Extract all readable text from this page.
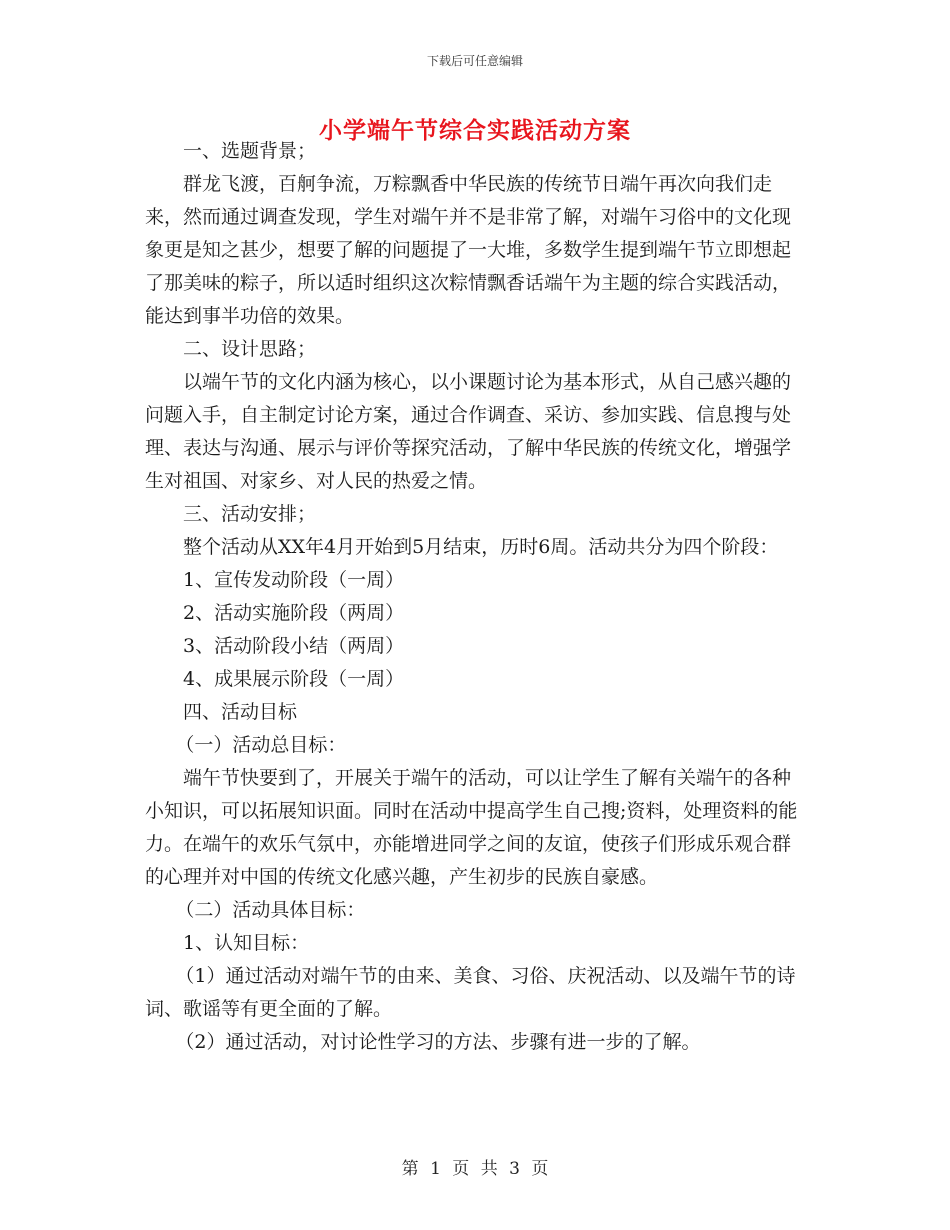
下载后可任意编辑
小学端午节综合实践活动方案

一、选题背景；

群龙飞渡，百舸争流，万粽飘香中华民族的传统节日端午再次向我们走来，然而通过调查发现，学生对端午并不是非常了解，对端午习俗中的文化现象更是知之甚少，想要了解的问题提了一大堆，多数学生提到端午节立即想起了那美味的粽子，所以适时组织这次粽情飘香话端午为主题的综合实践活动，能达到事半功倍的效果。

二、设计思路；

以端午节的文化内涵为核心，以小课题讨论为基本形式，从自己感兴趣的问题入手，自主制定讨论方案，通过合作调查、采访、参加实践、信息搜与处理、表达与沟通、展示与评价等探究活动，了解中华民族的传统文化，增强学生对祖国、对家乡、对人民的热爱之情。

三、活动安排；

整个活动从XX年4月开始到5月结束，历时6周。活动共分为四个阶段：

1、宣传发动阶段（一周）

2、活动实施阶段（两周）

3、活动阶段小结（两周）

4、成果展示阶段（一周）

四、活动目标

（一）活动总目标：

端午节快要到了，开展关于端午的活动，可以让学生了解有关端午的各种小知识，可以拓展知识面。同时在活动中提高学生自己搜;资料，处理资料的能力。在端午的欢乐气氛中，亦能增进同学之间的友谊，使孩子们形成乐观合群的心理并对中国的传统文化感兴趣，产生初步的民族自豪感。

（二）活动具体目标：

1、认知目标：

（1）通过活动对端午节的由来、美食、习俗、庆祝活动、以及端午节的诗词、歌谣等有更全面的了解。

（2）通过活动，对讨论性学习的方法、步骤有进一步的了解。

第 1 页 共 3 页
